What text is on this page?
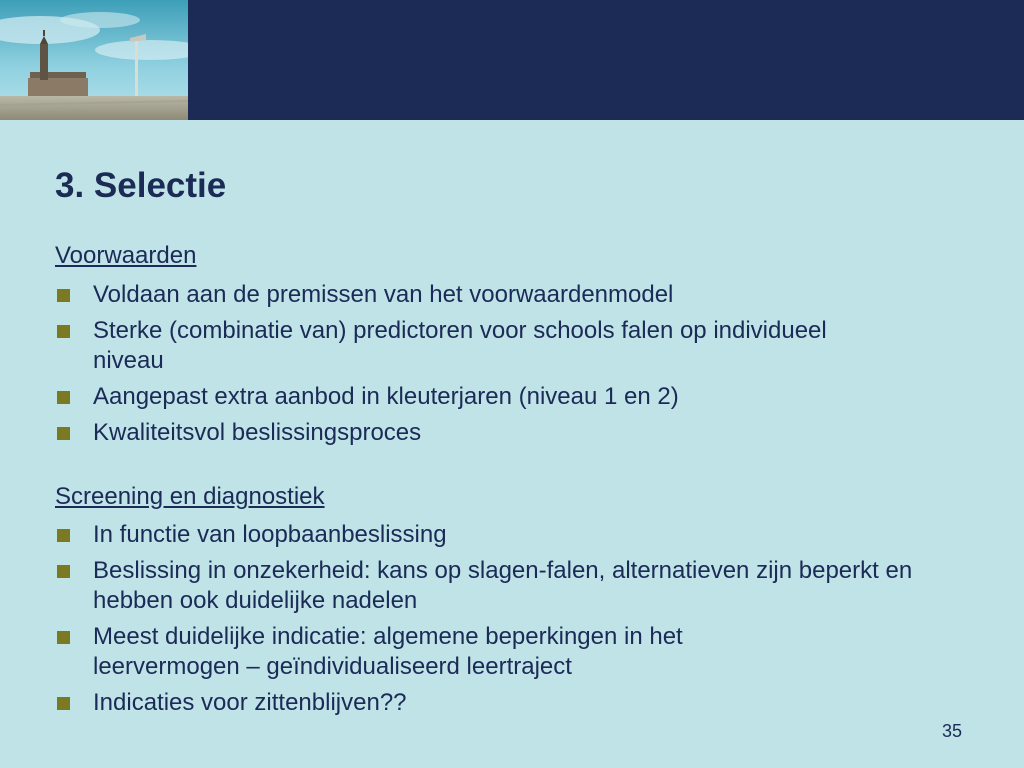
3. Selectie
Voorwaarden
Voldaan aan de premissen van het voorwaardenmodel
Sterke (combinatie van) predictoren voor schools falen op individueel niveau
Aangepast extra aanbod in kleuterjaren (niveau 1 en 2)
Kwaliteitsvol beslissingsproces
Screening en diagnostiek
In functie van loopbaanbeslissing
Beslissing in onzekerheid: kans op slagen-falen, alternatieven zijn beperkt en hebben ook duidelijke nadelen
Meest duidelijke indicatie: algemene beperkingen in het leervermogen – geïndividualiseerd leertraject
Indicaties voor zittenblijven??
35
